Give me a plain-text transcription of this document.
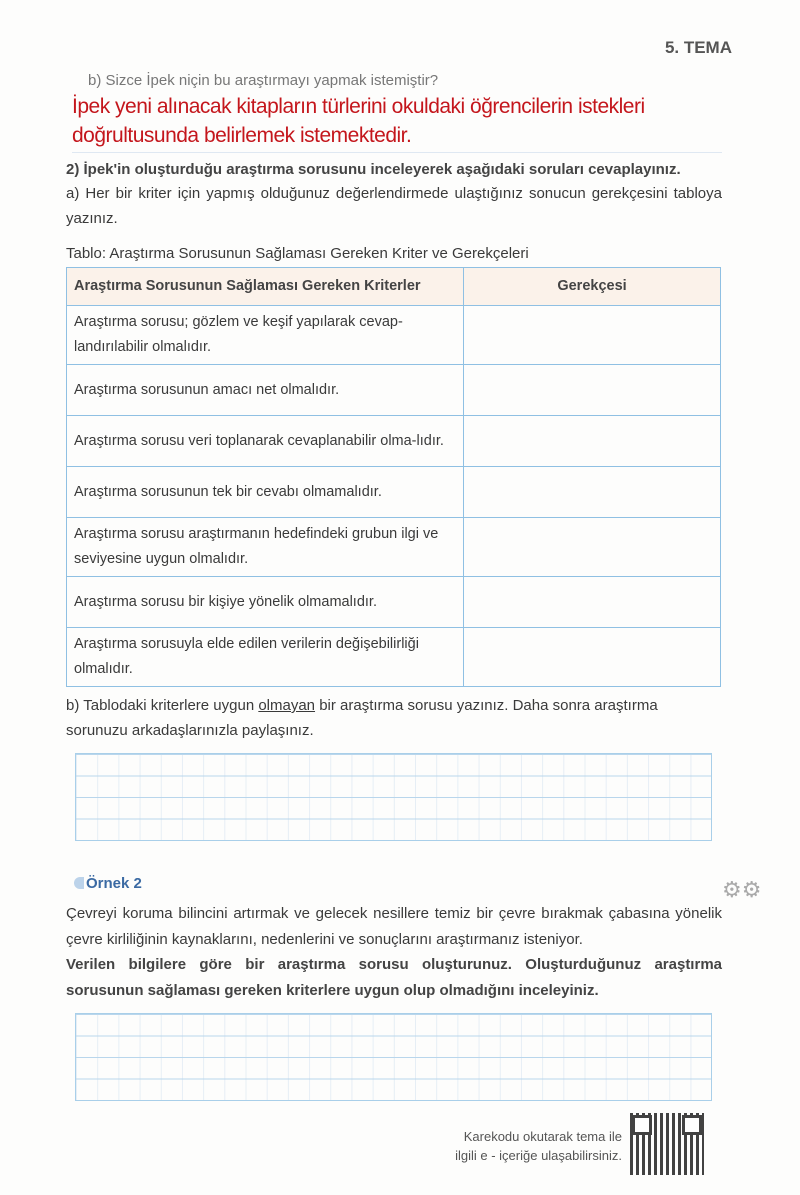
5. TEMA
b) Sizce İpek niçin bu araştırmayı yapmak istemiştir?
İpek yeni alınacak kitapların türlerini okuldaki öğrencilerin istekleri doğrultusunda belirlemek istemektedir.
2) İpek'in oluşturduğu araştırma sorusunu inceleyerek aşağıdaki soruları cevaplayınız.
a) Her bir kriter için yapmış olduğunuz değerlendirmede ulaştığınız sonucun gerekçesini tabloya yazınız.
Tablo: Araştırma Sorusunun Sağlaması Gereken Kriter ve Gerekçeleri
Araştırma Sorusunun Sağlaması Gereken Kriterler	Gerekçesi
Araştırma sorusu; gözlem ve keşif yapılarak cevap-landırılabilir olmalıdır.	
Araştırma sorusunun amacı net olmalıdır.	
Araştırma sorusu veri toplanarak cevaplanabilir olma-lıdır.	
Araştırma sorusunun tek bir cevabı olmamalıdır.	
Araştırma sorusu araştırmanın hedefindeki grubun ilgi ve seviyesine uygun olmalıdır.	
Araştırma sorusu bir kişiye yönelik olmamalıdır.	
Araştırma sorusuyla elde edilen verilerin değişebilirliği olmalıdır.	
b) Tablodaki kriterlere uygun olmayan bir araştırma sorusu yazınız. Daha sonra araştırma sorunuzu arkadaşlarınızla paylaşınız.
Örnek 2	⚙⚙
Çevreyi koruma bilincini artırmak ve gelecek nesillere temiz bir çevre bırakmak çabasına yönelik çevre kirliliğinin kaynaklarını, nedenlerini ve sonuçlarını araştırmanız isteniyor.
Verilen bilgilere göre bir araştırma sorusu oluşturunuz. Oluşturduğunuz araştırma sorusunun sağlaması gereken kriterlere uygun olup olmadığını inceleyiniz.
Karekodu okutarak tema ile
ilgili e - içeriğe ulaşabilirsiniz.
